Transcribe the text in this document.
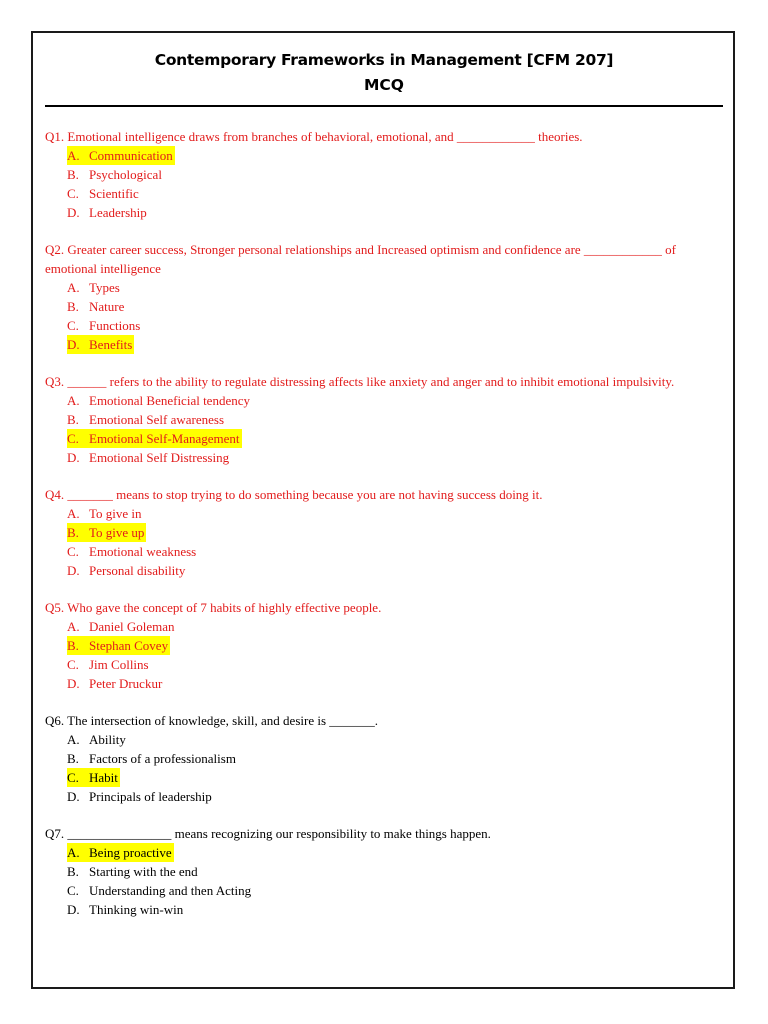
Contemporary Frameworks in Management [CFM 207]
MCQ
Q1. Emotional intelligence draws from branches of behavioral, emotional, and ____________ theories.
A. Communication
B. Psychological
C. Scientific
D. Leadership
Q2. Greater career success, Stronger personal relationships and Increased optimism and confidence are ____________ of emotional intelligence
A. Types
B. Nature
C. Functions
D. Benefits
Q3. ______ refers to the ability to regulate distressing affects like anxiety and anger and to inhibit emotional impulsivity.
A. Emotional Beneficial tendency
B. Emotional Self awareness
C. Emotional Self-Management
D. Emotional Self Distressing
Q4. _______ means to stop trying to do something because you are not having success doing it.
A. To give in
B. To give up
C. Emotional weakness
D. Personal disability
Q5. Who gave the concept of 7 habits of highly effective people.
A. Daniel Goleman
B. Stephan Covey
C. Jim Collins
D. Peter Druckur
Q6. The intersection of knowledge, skill, and desire is _______.
A. Ability
B. Factors of a professionalism
C. Habit
D. Principals of leadership
Q7. ________________ means recognizing our responsibility to make things happen.
A. Being proactive
B. Starting with the end
C. Understanding and then Acting
D. Thinking win-win
